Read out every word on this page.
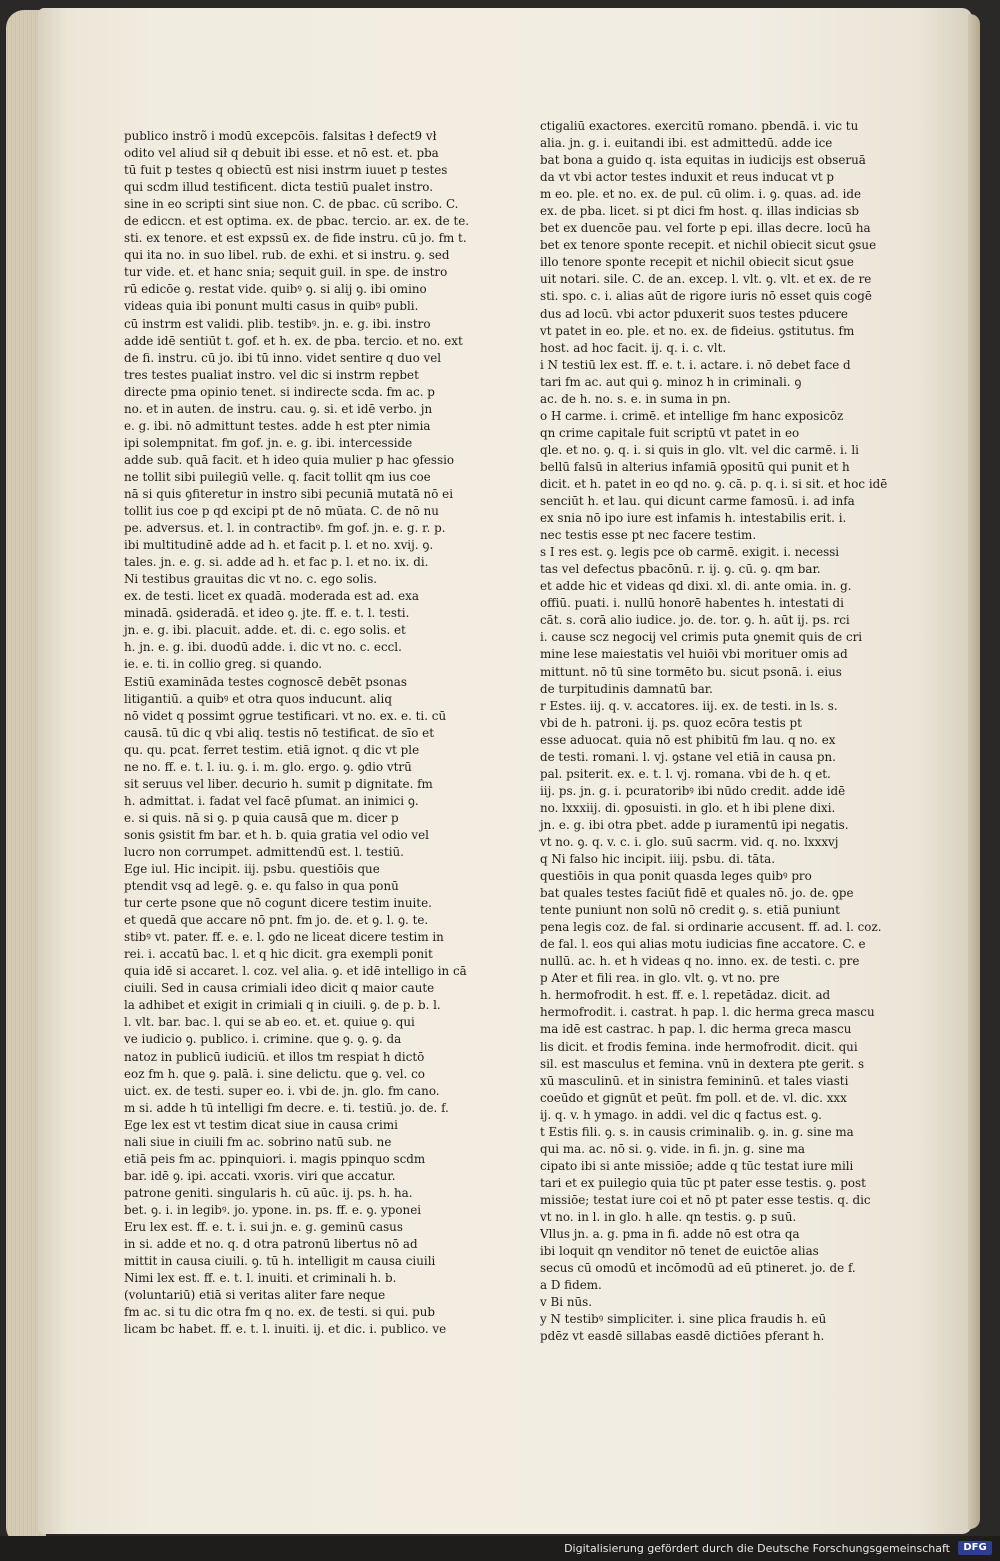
publico instrõ i modū excepcōis. falsitas ł defect9 vł
odito vel aliud sił q debuit ibi esse. et nō est. et. pba
tū fuit p testes q obiectū est nisi instrm iuuet p testes
qui scdm illud testificent. dicta testiū pualet instro.
sine in eo scripti sint siue non. C. de pbac. cū scribo. C.
de ediccn. et est optima. ex. de pbac. tercio. ar. ex. de te.
sti. ex tenore. et est expssū ex. de fide instru. cū jo. fm t.
qui ita no. in suo libel. rub. de exhi. et si instru. ꝯ. sed
tur vide. et. et hanc snia; sequit guil. in spe. de instro
rū edicōe ꝯ. restat vide. quibꝰ ꝯ. si alij ꝯ. ibi omino
videas quia ibi ponunt multi casus in quibꝰ publi.
cū instrm est validi. plib. testibꝰ. jn. e. g. ibi. instro
adde idē sentiūt t. gof. et h. ex. de pba. tercio. et no. ext
de fi. instru. cū jo. ibi tū inno. videt sentire q duo vel
tres testes pualiat instro. vel dic si instrm repbet
directe pma opinio tenet. si indirecte scda. fm ac. p
no. et in auten. de instru. cau. ꝯ. si. et idē verbo. jn
e. g. ibi. nō admittunt testes. adde h est pter nimia
ipi solempnitat. fm gof. jn. e. g. ibi. intercesside
adde sub. quā facit. et h ideo quia mulier p hac ꝯfessio
ne tollit sibi puilegiū velle. q. facit tollit qm ius coe
nā si quis ꝯfiteretur in instro sibi pecuniā mutatā nō ei
tollit ius coe p qd excipi pt de nō mūata. C. de nō nu
pe. adversus. et. l. in contractibꝰ. fm gof. jn. e. g. r. p.
ibi multitudinē adde ad h. et facit p. l. et no. xvij. ꝯ.
tales. jn. e. g. si. adde ad h. et fac p. l. et no. ix. di.
Ni testibus grauitas dic vt no. c. ego solis.
ex. de testi. licet ex quadā. moderada est ad. exa
minadā. ꝯsideradā. et ideo ꝯ. jte. ff. e. t. l. testi.
jn. e. g. ibi. placuit. adde. et. di. c. ego solis. et
h. jn. e. g. ibi. duodū adde. i. dic vt no. c. eccl.
ie. e. ti. in collio greg. si quando.
Estiū examināda testes cognoscē debēt psonas
litigantiū. a quibꝰ et otra quos inducunt. aliq
nō videt q possimt ꝯgrue testificari. vt no. ex. e. ti. cū
causā. tū dic q vbi aliq. testis nō testificat. de sīo et
qu. qu. pcat. ferret testim. etiā ignot. q dic vt ple
ne no. ff. e. t. l. iu. ꝯ. i. m. glo. ergo. ꝯ. ꝯdio vtrū
sit seruus vel liber. decurio h. sumit p dignitate. fm
h. admittat. i. fadat vel facē pſumat. an inimici ꝯ.
e. si quis. nā si ꝯ. p quia causā que m. dicer p
sonis ꝯsistit fm bar. et h. b. quia gratia vel odio vel
lucro non corrumpet. admittendū est. l. testiū.
Ege iul. Hic incipit. iij. psbu. questiōis que
ptendit vsq ad legē. ꝯ. e. qu falso in qua ponū
tur certe psone que nō cogunt dicere testim inuite.
et quedā que accare nō pnt. fm jo. de. et ꝯ. l. ꝯ. te.
stibꝰ vt. pater. ff. e. e. l. ꝯdo ne liceat dicere testim in
rei. i. accatū bac. l. et q hic dicit. gra exempli ponit
quia idē si accaret. l. coz. vel alia. ꝯ. et idē intelligo in cā
ciuili. Sed in causa crimiali ideo dicit q maior caute
la adhibet et exigit in crimiali q in ciuili. ꝯ. de p. b. l.
l. vlt. bar. bac. l. qui se ab eo. et. et. quiue ꝯ. qui
ve iudicio ꝯ. publico. i. crimine. que ꝯ. ꝯ. ꝯ. da
natoz in publicū iudiciū. et illos tm respiat h dictō
eoz fm h. que ꝯ. palā. i. sine delictu. que ꝯ. vel. co
uict. ex. de testi. super eo. i. vbi de. jn. glo. fm cano.
m si. adde h tū intelligi fm decre. e. ti. testiū. jo. de. f.
Ege lex est vt testim dicat siue in causa crimi
nali siue in ciuili fm ac. sobrino natū sub. ne
etiā peis fm ac. ppinquiori. i. magis ppinquo scdm
bar. idē ꝯ. ipi. accati. vxoris. viri que accatur.
patrone geniti. singularis h. cū aūc. ij. ps. h. ha.
bet. ꝯ. i. in legibꝰ. jo. ypone. in. ps. ff. e. ꝯ. yponei
Eru lex est. ff. e. t. i. sui jn. e. g. geminū casus
in si. adde et no. q. d otra patronū libertus nō ad
mittit in causa ciuili. ꝯ. tū h. intelligit m causa ciuili
Nimi lex est. ff. e. t. l. inuiti. et criminali h. b.
(voluntariū) etiā si veritas aliter fare neque
fm ac. si tu dic otra fm q no. ex. de testi. si qui. pub
licam bc habet. ff. e. t. l. inuiti. ij. et dic. i. publico. ve
ctigaliū exactores. exercitū romano. pbendā. i. vic tu
alia. jn. g. i. euitandi ibi. est admittedū. adde ice
bat bona a guido q. ista equitas in iudicijs est obseruā
da vt vbi actor testes induxit et reus inducat vt p
m eo. ple. et no. ex. de pul. cū olim. i. ꝯ. quas. ad. ide
ex. de pba. licet. si pt dici fm host. q. illas indicias sb
bet ex duencōe pau. vel forte p epi. illas decre. locū ha
bet ex tenore sponte recepit. et nichil obiecit sicut ꝯsue
illo tenore sponte recepit et nichil obiecit sicut ꝯsue
uit notari. sile. C. de an. excep. l. vlt. ꝯ. vlt. et ex. de re
sti. spo. c. i. alias aūt de rigore iuris nō esset quis cogē
dus ad locū. vbi actor pduxerit suos testes pducere
vt patet in eo. ple. et no. ex. de fideius. ꝯstitutus. fm
host. ad hoc facit. ij. q. i. c. vlt.
i N testiū lex est. ff. e. t. i. actare. i. nō debet face d
tari fm ac. aut qui ꝯ. minoz h in criminali. ꝯ
ac. de h. no. s. e. in suma in pn.
o H carme. i. crimē. et intellige fm hanc exposicōz
qn crime capitale fuit scriptū vt patet in eo
qle. et no. ꝯ. q. i. si quis in glo. vlt. vel dic carmē. i. li
bellū falsū in alterius infamiā ꝯpositū qui punit et h
dicit. et h. patet in eo qd no. ꝯ. cā. p. q. i. si sit. et hoc idē
senciūt h. et lau. qui dicunt carme famosū. i. ad infa
ex snia nō ipo iure est infamis h. intestabilis erit. i.
nec testis esse pt nec facere testim.
s I res est. ꝯ. legis pce ob carmē. exigit. i. necessi
tas vel defectus pbacōnū. r. ij. ꝯ. cū. ꝯ. qm bar.
et adde hic et videas qd dixi. xl. di. ante omia. in. g.
offiū. puati. i. nullū honorē habentes h. intestati di
cāt. s. corā alio iudice. jo. de. tor. ꝯ. h. aūt ij. ps. rci
i. cause scz negocij vel crimis puta ꝯnemit quis de cri
mine lese maiestatis vel huiōi vbi morituer omis ad
mittunt. nō tū sine tormēto bu. sicut psonā. i. eius
de turpitudinis damnatū bar.
r Estes. iij. q. v. accatores. iij. ex. de testi. in ls. s.
vbi de h. patroni. ij. ps. quoz ecōra testis pt
esse aduocat. quia nō est phibitū fm lau. q no. ex
de testi. romani. l. vj. ꝯstane vel etiā in causa pn.
pal. psiterit. ex. e. t. l. vj. romana. vbi de h. q et.
iij. ps. jn. g. i. pcuratoribꝰ ibi nūdo credit. adde idē
no. lxxxiij. di. ꝯposuisti. in glo. et h ibi plene dixi.
jn. e. g. ibi otra pbet. adde p iuramentū ipi negatis.
vt no. ꝯ. q. v. c. i. glo. suū sacrm. vid. q. no. lxxxvj
q Ni falso hic incipit. iiij. psbu. di. tāta.
questiōis in qua ponit quasda leges quibꝰ pro
bat quales testes faciūt fidē et quales nō. jo. de. ꝯpe
tente puniunt non solū nō credit ꝯ. s. etiā puniunt
pena legis coz. de fal. si ordinarie accusent. ff. ad. l. coz.
de fal. l. eos qui alias motu iudicias fine accatore. C. e
nullū. ac. h. et h videas q no. inno. ex. de testi. c. pre
p Ater et fili rea. in glo. vlt. ꝯ. vt no. pre
h. hermofrodit. h est. ff. e. l. repetādaz. dicit. ad
hermofrodit. i. castrat. h pap. l. dic herma greca mascu
ma idē est castrac. h pap. l. dic herma greca mascu
lis dicit. et frodis femina. inde hermofrodit. dicit. qui
sil. est masculus et femina. vnū in dextera pte gerit. s
xū masculinū. et in sinistra femininū. et tales viasti
coeūdo et gignūt et peūt. fm poll. et de. vl. dic. xxx
ij. q. v. h ymago. in addi. vel dic q factus est. ꝯ.
t Estis fili. ꝯ. s. in causis criminalib. ꝯ. in. g. sine ma
qui ma. ac. nō si. ꝯ. vide. in fi. jn. g. sine ma
cipato ibi si ante missiōe; adde q tūc testat iure mili
tari et ex puilegio quia tūc pt pater esse testis. ꝯ. post
missiōe; testat iure coi et nō pt pater esse testis. q. dic
vt no. in l. in glo. h alle. qn testis. ꝯ. p suū.
Vllus jn. a. g. pma in fi. adde nō est otra qa
ibi loquit qn venditor nō tenet de euictōe alias
secus cū omodū et incōmodū ad eū ptineret. jo. de f.
a D fidem.
v Bi nūs.
y N testibꝰ simpliciter. i. sine plica fraudis h. eū
pdēz vt easdē sillabas easdē dictiōes pferant h.
Digitalisierung gefördert durch die Deutsche Forschungsgemeinschaft	DFG
